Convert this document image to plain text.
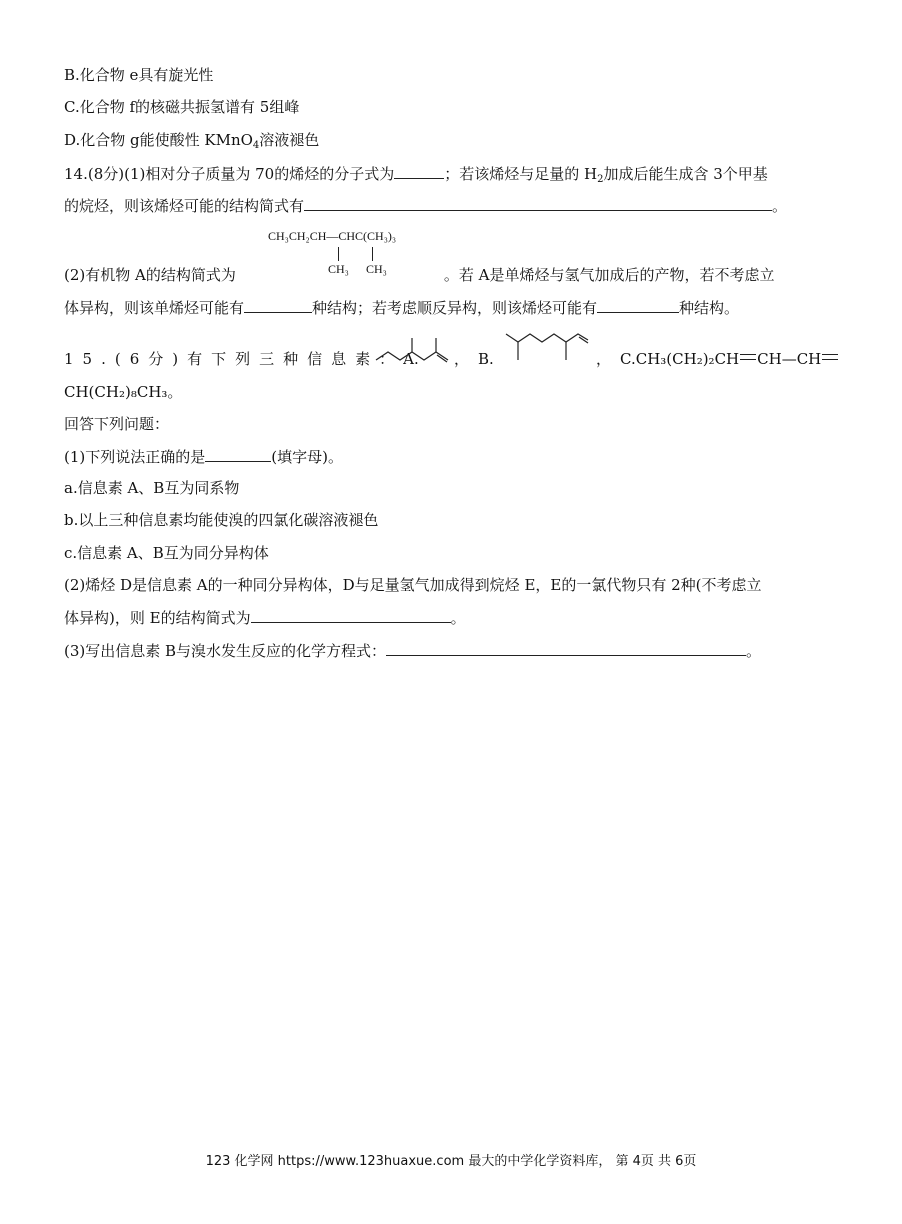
B.化合物 e具有旋光性
C.化合物 f的核磁共振氢谱有 5组峰
D.化合物 g能使酸性 KMnO$_4$溶液褪色
14.(8分)(1)相对分子质量为 70的烯烃的分子式为	；若该烯烃与足量的 $H_2$加成后能生成含 3个甲基
的烷烃，则该烯烃可能的结构简式有	。
CH₃CH₂CH—CHC(CH₃)₃
CH₃ CH₃
(2)有机物 A的结构简式为	。若 A是单烯烃与氢气加成后的产物，若不考虑立
体异构，则该单烯烃可能有	种结构；若考虑顺反异构，则该烯烃可能有	种结构。
15.(6分)有下列三种信息素：A. ， B.	， C.CH₃(CH₂)₂CH CH—CH
CH(CH₂)₈CH₃。
回答下列问题：
(1)下列说法正确的是	(填字母)。
a.信息素 A、B互为同系物
b.以上三种信息素均能使溴的四氯化碳溶液褪色
c.信息素 A、B互为同分异构体
(2)烯烃 D是信息素 A的一种同分异构体，D与足量氢气加成得到烷烃 E，E的一氯代物只有 2种(不考虑立
体异构)，则 E的结构简式为	。
(3)写出信息素 B与溴水发生反应的化学方程式：	。
123 化学网 https://www.123huaxue.com 最大的中学化学资料库， 第 4页 共 6页
